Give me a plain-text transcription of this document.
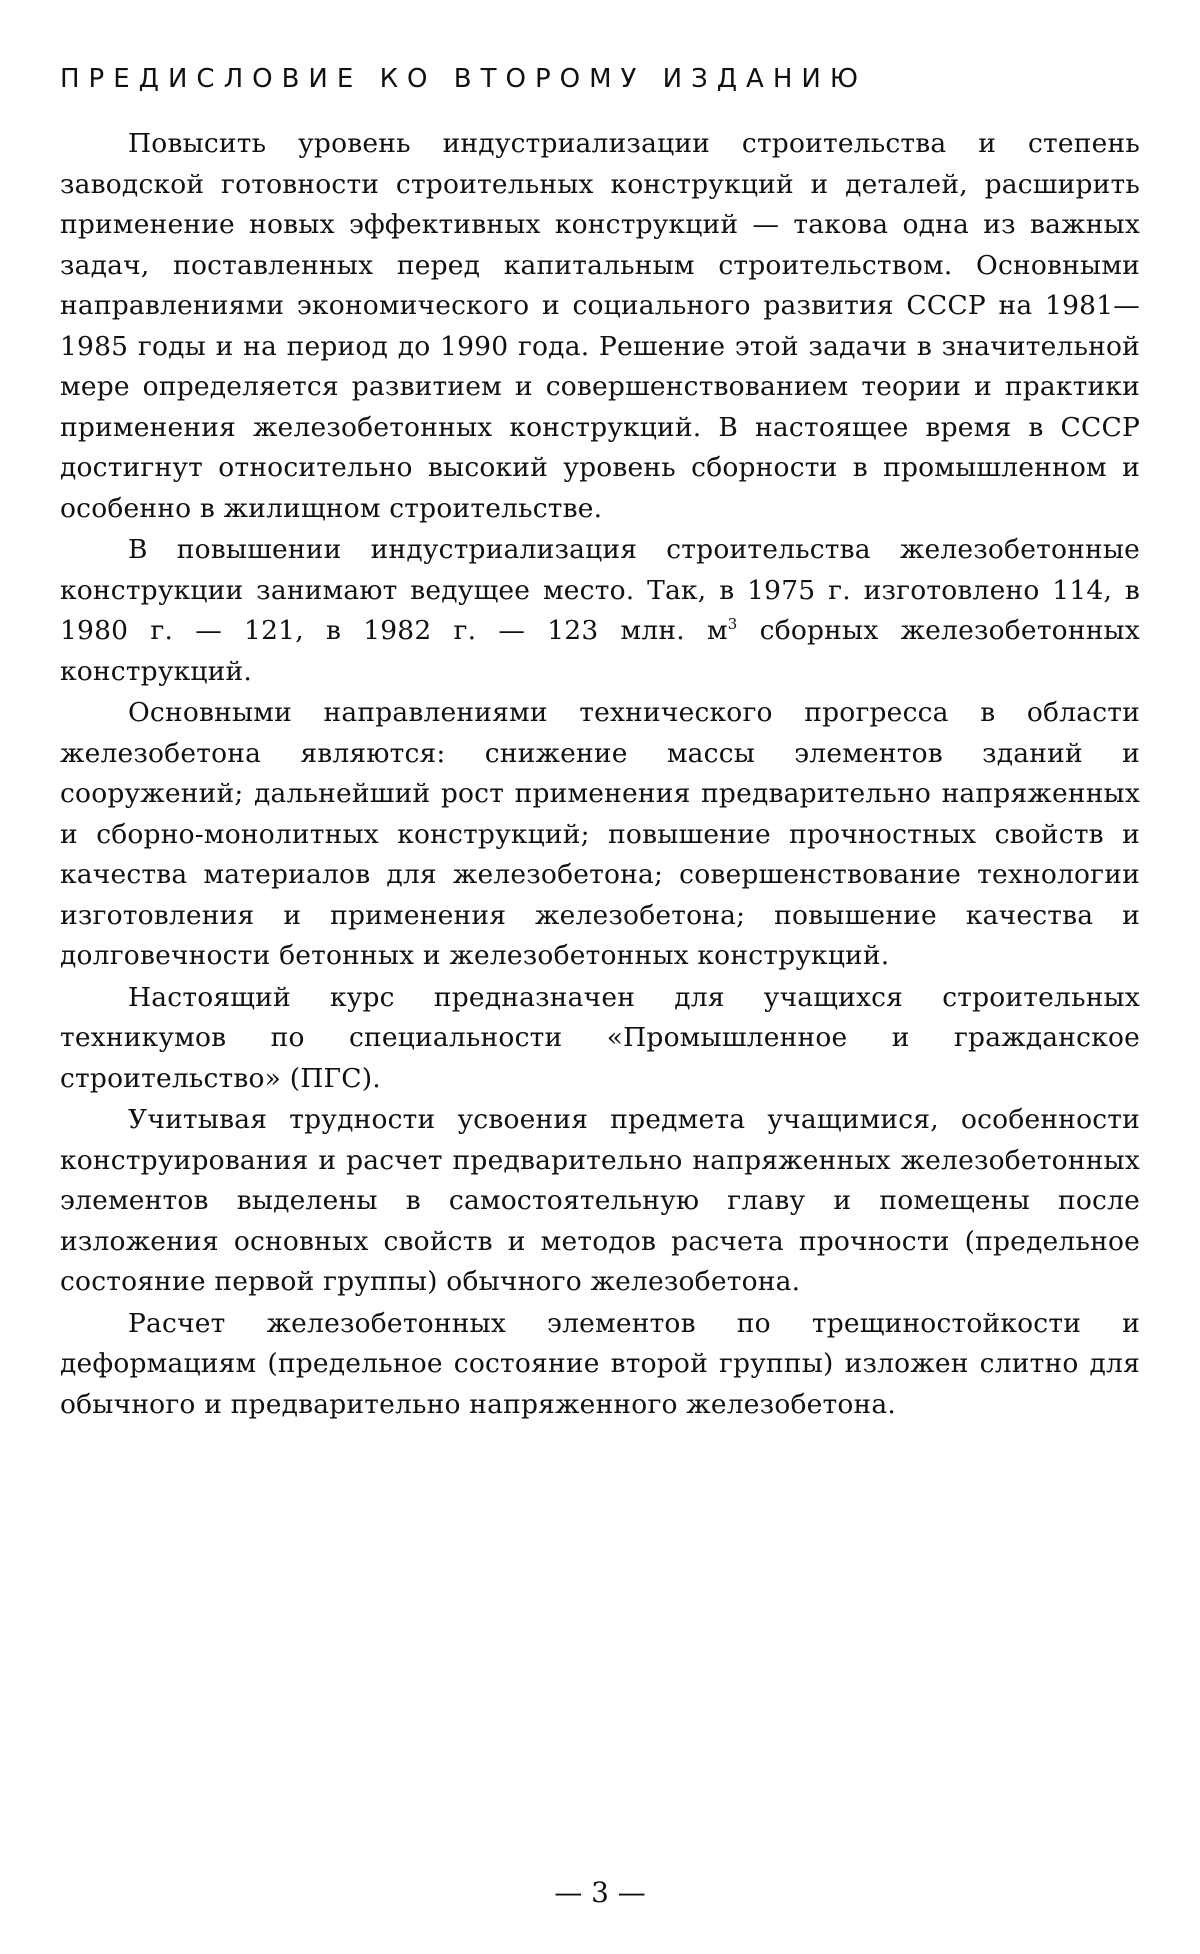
ПРЕДИСЛОВИЕ КО ВТОРОМУ ИЗДАНИЮ

Повысить уровень индустриализации строительства и степень заводской готовности строительных конструкций и деталей, расширить применение новых эффективных конструкций — такова одна из важных задач, поставленных перед капитальным строительством. Основными направлениями экономического и социального развития СССР на 1981—1985 годы и на период до 1990 года. Решение этой задачи в значительной мере определяется развитием и совершенствованием теории и практики применения железобетонных конструкций. В настоящее время в СССР достигнут относительно высокий уровень сборности в промышленном и особенно в жилищном строительстве.

В повышении индустриализация строительства железобетонные конструкции занимают ведущее место. Так, в 1975 г. изготовлено 114, в 1980 г. — 121, в 1982 г. — 123 млн. $м^3$ сборных железобетонных конструкций.

Основными направлениями технического прогресса в области железобетона являются: снижение массы элементов зданий и сооружений; дальнейший рост применения предварительно напряженных и сборно-монолитных конструкций; повышение прочностных свойств и качества материалов для железобетона; совершенствование технологии изготовления и применения железобетона; повышение качества и долговечности бетонных и железобетонных конструкций.

Настоящий курс предназначен для учащихся строительных техникумов по специальности «Промышленное и гражданское строительство» (ПГС).

Учитывая трудности усвоения предмета учащимися, особенности конструирования и расчет предварительно напряженных железобетонных элементов выделены в самостоятельную главу и помещены после изложения основных свойств и методов расчета прочности (предельное состояние первой группы) обычного железобетона.

Расчет железобетонных элементов по трещиностойкости и деформациям (предельное состояние второй группы) изложен слитно для обычного и предварительно напряженного железобетона.

— 3 —
